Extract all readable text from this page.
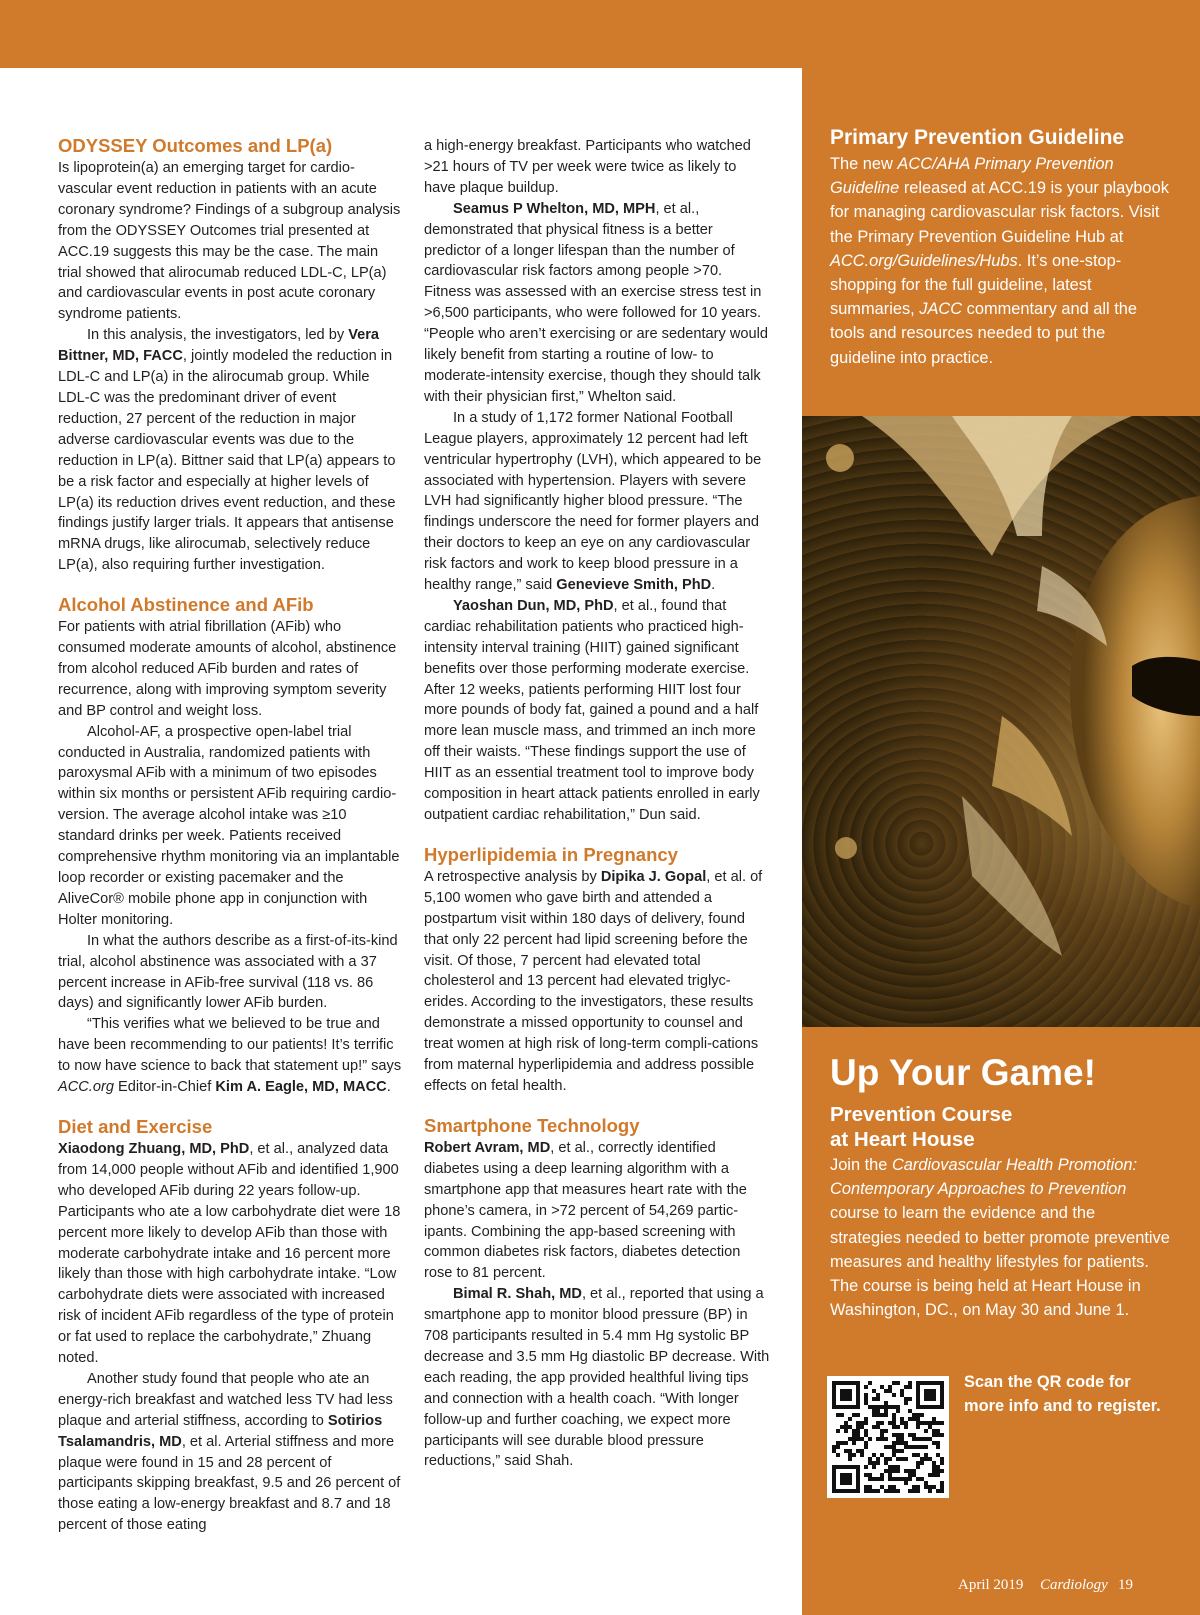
ODYSSEY Outcomes and LP(a)

Is lipoprotein(a) an emerging target for cardio-vascular event reduction in patients with an acute coronary syndrome? Findings of a subgroup analysis from the ODYSSEY Outcomes trial presented at ACC.19 suggests this may be the case. The main trial showed that alirocumab reduced LDL-C, LP(a) and cardiovascular events in post acute coronary syndrome patients.

In this analysis, the investigators, led by Vera Bittner, MD, FACC, jointly modeled the reduction in LDL-C and LP(a) in the alirocumab group. While LDL-C was the predominant driver of event reduction, 27 percent of the reduction in major adverse cardiovascular events was due to the reduction in LP(a). Bittner said that LP(a) appears to be a risk factor and especially at higher levels of LP(a) its reduction drives event reduction, and these findings justify larger trials. It appears that antisense mRNA drugs, like alirocumab, selectively reduce LP(a), also requiring further investigation.

Alcohol Abstinence and AFib

For patients with atrial fibrillation (AFib) who consumed moderate amounts of alcohol, abstinence from alcohol reduced AFib burden and rates of recurrence, along with improving symptom severity and BP control and weight loss.

Alcohol-AF, a prospective open-label trial conducted in Australia, randomized patients with paroxysmal AFib with a minimum of two episodes within six months or persistent AFib requiring cardio-version. The average alcohol intake was ≥10 standard drinks per week. Patients received comprehensive rhythm monitoring via an implantable loop recorder or existing pacemaker and the AliveCor® mobile phone app in conjunction with Holter monitoring.

In what the authors describe as a first-of-its-kind trial, alcohol abstinence was associated with a 37 percent increase in AFib-free survival (118 vs. 86 days) and significantly lower AFib burden.

“This verifies what we believed to be true and have been recommending to our patients! It’s terrific to now have science to back that statement up!” says ACC.org Editor-in-Chief Kim A. Eagle, MD, MACC.

Diet and Exercise

Xiaodong Zhuang, MD, PhD, et al., analyzed data from 14,000 people without AFib and identified 1,900 who developed AFib during 22 years follow-up. Participants who ate a low carbohydrate diet were 18 percent more likely to develop AFib than those with moderate carbohydrate intake and 16 percent more likely than those with high carbohydrate intake. “Low carbohydrate diets were associated with increased risk of incident AFib regardless of the type of protein or fat used to replace the carbohydrate,” Zhuang noted.

Another study found that people who ate an energy-rich breakfast and watched less TV had less plaque and arterial stiffness, according to Sotirios Tsalamandris, MD, et al. Arterial stiffness and more plaque were found in 15 and 28 percent of participants skipping breakfast, 9.5 and 26 percent of those eating a low-energy breakfast and 8.7 and 18 percent of those eating

a high-energy breakfast. Participants who watched >21 hours of TV per week were twice as likely to have plaque buildup.

Seamus P Whelton, MD, MPH, et al., demonstrated that physical fitness is a better predictor of a longer lifespan than the number of cardiovascular risk factors among people >70. Fitness was assessed with an exercise stress test in >6,500 participants, who were followed for 10 years. “People who aren’t exercising or are sedentary would likely benefit from starting a routine of low- to moderate-intensity exercise, though they should talk with their physician first,” Whelton said.

In a study of 1,172 former National Football League players, approximately 12 percent had left ventricular hypertrophy (LVH), which appeared to be associated with hypertension. Players with severe LVH had significantly higher blood pressure. “The findings underscore the need for former players and their doctors to keep an eye on any cardiovascular risk factors and work to keep blood pressure in a healthy range,” said Genevieve Smith, PhD.

Yaoshan Dun, MD, PhD, et al., found that cardiac rehabilitation patients who practiced high-intensity interval training (HIIT) gained significant benefits over those performing moderate exercise. After 12 weeks, patients performing HIIT lost four more pounds of body fat, gained a pound and a half more lean muscle mass, and trimmed an inch more off their waists. “These findings support the use of HIIT as an essential treatment tool to improve body composition in heart attack patients enrolled in early outpatient cardiac rehabilitation,” Dun said.

Hyperlipidemia in Pregnancy

A retrospective analysis by Dipika J. Gopal, et al. of 5,100 women who gave birth and attended a postpartum visit within 180 days of delivery, found that only 22 percent had lipid screening before the visit. Of those, 7 percent had elevated total cholesterol and 13 percent had elevated triglyc-erides. According to the investigators, these results demonstrate a missed opportunity to counsel and treat women at high risk of long-term compli-cations from maternal hyperlipidemia and address possible effects on fetal health.

Smartphone Technology

Robert Avram, MD, et al., correctly identified diabetes using a deep learning algorithm with a smartphone app that measures heart rate with the phone’s camera, in >72 percent of 54,269 partic-ipants. Combining the app-based screening with common diabetes risk factors, diabetes detection rose to 81 percent.

Bimal R. Shah, MD, et al., reported that using a smartphone app to monitor blood pressure (BP) in 708 participants resulted in 5.4 mm Hg systolic BP decrease and 3.5 mm Hg diastolic BP decrease. With each reading, the app provided healthful living tips and connection with a health coach. “With longer follow-up and further coaching, we expect more participants will see durable blood pressure reductions,” said Shah.

Primary Prevention Guideline
The new ACC/AHA Primary Prevention Guideline released at ACC.19 is your playbook for managing cardiovascular risk factors. Visit the Primary Prevention Guideline Hub at ACC.org/Guidelines/Hubs. It’s one-stop-shopping for the full guideline, latest summaries, JACC commentary and all the tools and resources needed to put the guideline into practice.
Up Your Game!
Prevention Course
at Heart House
Join the Cardiovascular Health Promotion: Contemporary Approaches to Prevention course to learn the evidence and the strategies needed to better promote preventive measures and healthy lifestyles for patients. The course is being held at Heart House in Washington, DC., on May 30 and June 1.
Scan the QR code for more info and to register.
April 2019 Cardiology 19
